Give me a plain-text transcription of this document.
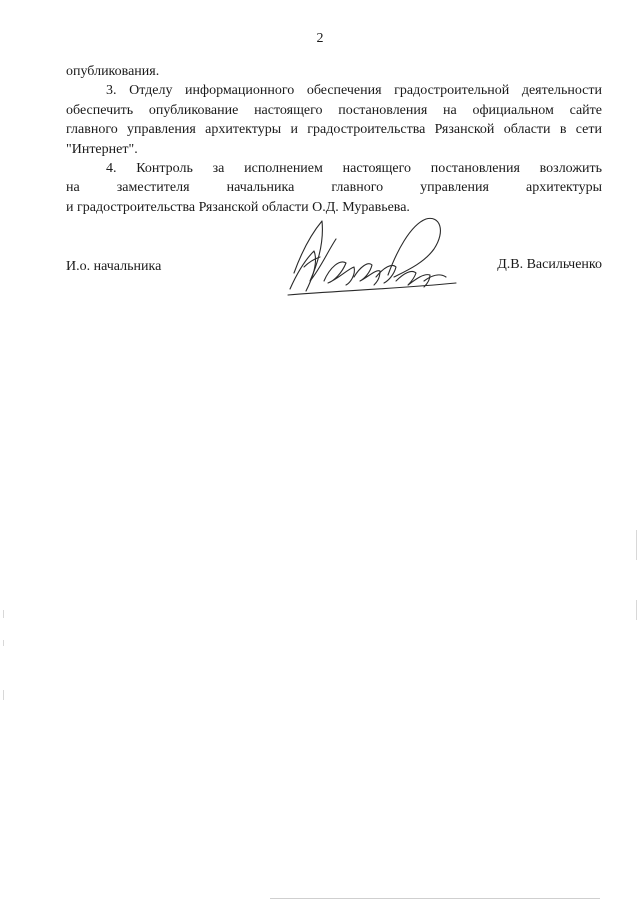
2
опубликования.
3. Отделу информационного обеспечения градостроительной деятельности
обеспечить опубликование настоящего постановления на официальном сайте
главного управления архитектуры и градостроительства Рязанской области в сети
"Интернет".
4. Контроль за исполнением настоящего постановления возложить
на заместителя начальника главного управления архитектуры
и градостроительства Рязанской области О.Д. Муравьева.
И.о. начальника	Д.В. Васильченко
